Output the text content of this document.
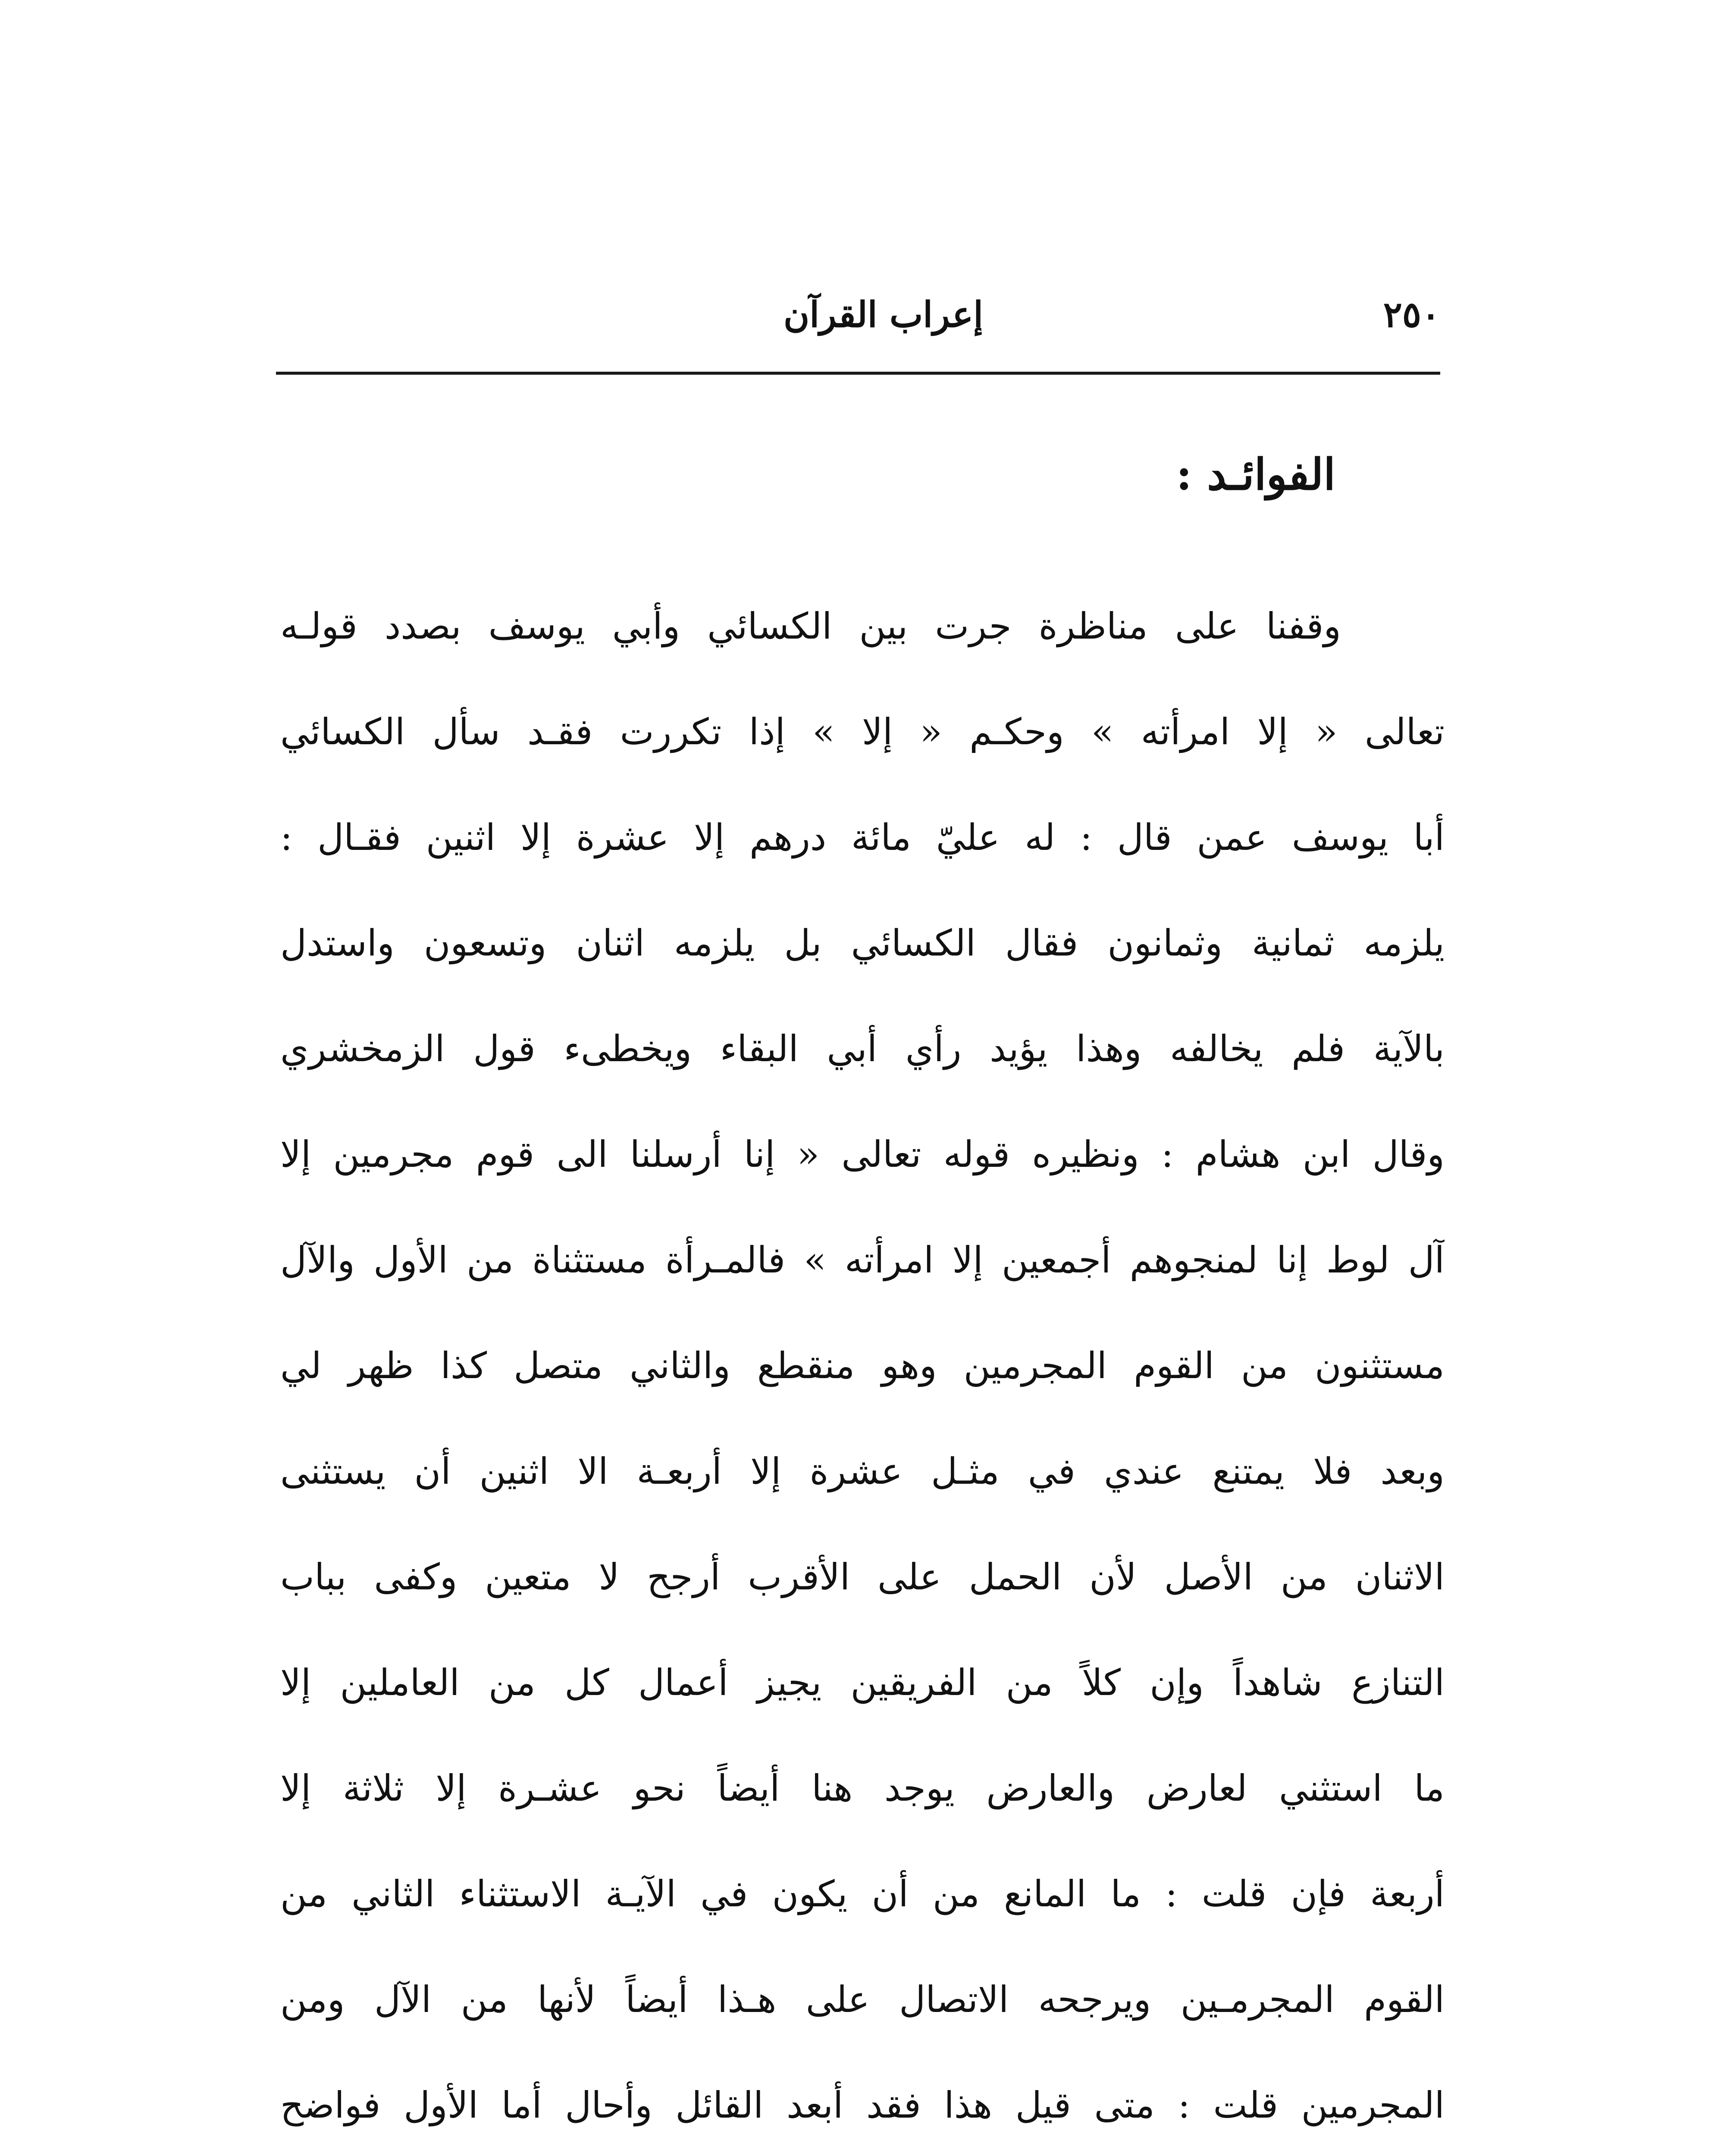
٢٥٠
إعراب القرآن
الفوائـد :
وقفنا على مناظرة جرت بين الكسائي وأبي يوسف بصدد قولـه
تعالى « إلا امرأته » وحكـم « إلا » إذا تكررت فقـد سأل الكسائي
أبا يوسف عمن قال : له عليّ مائة درهم إلا عشرة إلا اثنين فقـال :
يلزمه ثمانية وثمانون فقال الكسائي بل يلزمه اثنان وتسعون واستدل
بالآية فلم يخالفه وهذا يؤيد رأي أبي البقاء ويخطىء قول الزمخشري
وقال ابن هشام : ونظيره قوله تعالى « إنا أرسلنا الى قوم مجرمين إلا
آل لوط إنا لمنجوهم أجمعين إلا امرأته » فالمـرأة مستثناة من الأول والآل
مستثنون من القوم المجرمين وهو منقطع والثاني متصل كذا ظهر لي
وبعد فلا يمتنع عندي في مثـل عشرة إلا أربعـة الا اثنين أن يستثنى
الاثنان من الأصل لأن الحمل على الأقرب أرجح لا متعين وكفى بباب
التنازع شاهداً وإن كلاً من الفريقين يجيز أعمال كل من العاملين إلا
ما استثني لعارض والعارض يوجد هنا أيضاً نحو عشـرة إلا ثلاثة إلا
أربعة فإن قلت : ما المانع من أن يكون في الآيـة الاستثناء الثاني من
القوم المجرمـين ويرجحه الاتصال على هـذا أيضاً لأنها من الآل ومن
المجرمين قلت : متى قيل هذا فقد أبعد القائل وأحال أما الأول فواضح
